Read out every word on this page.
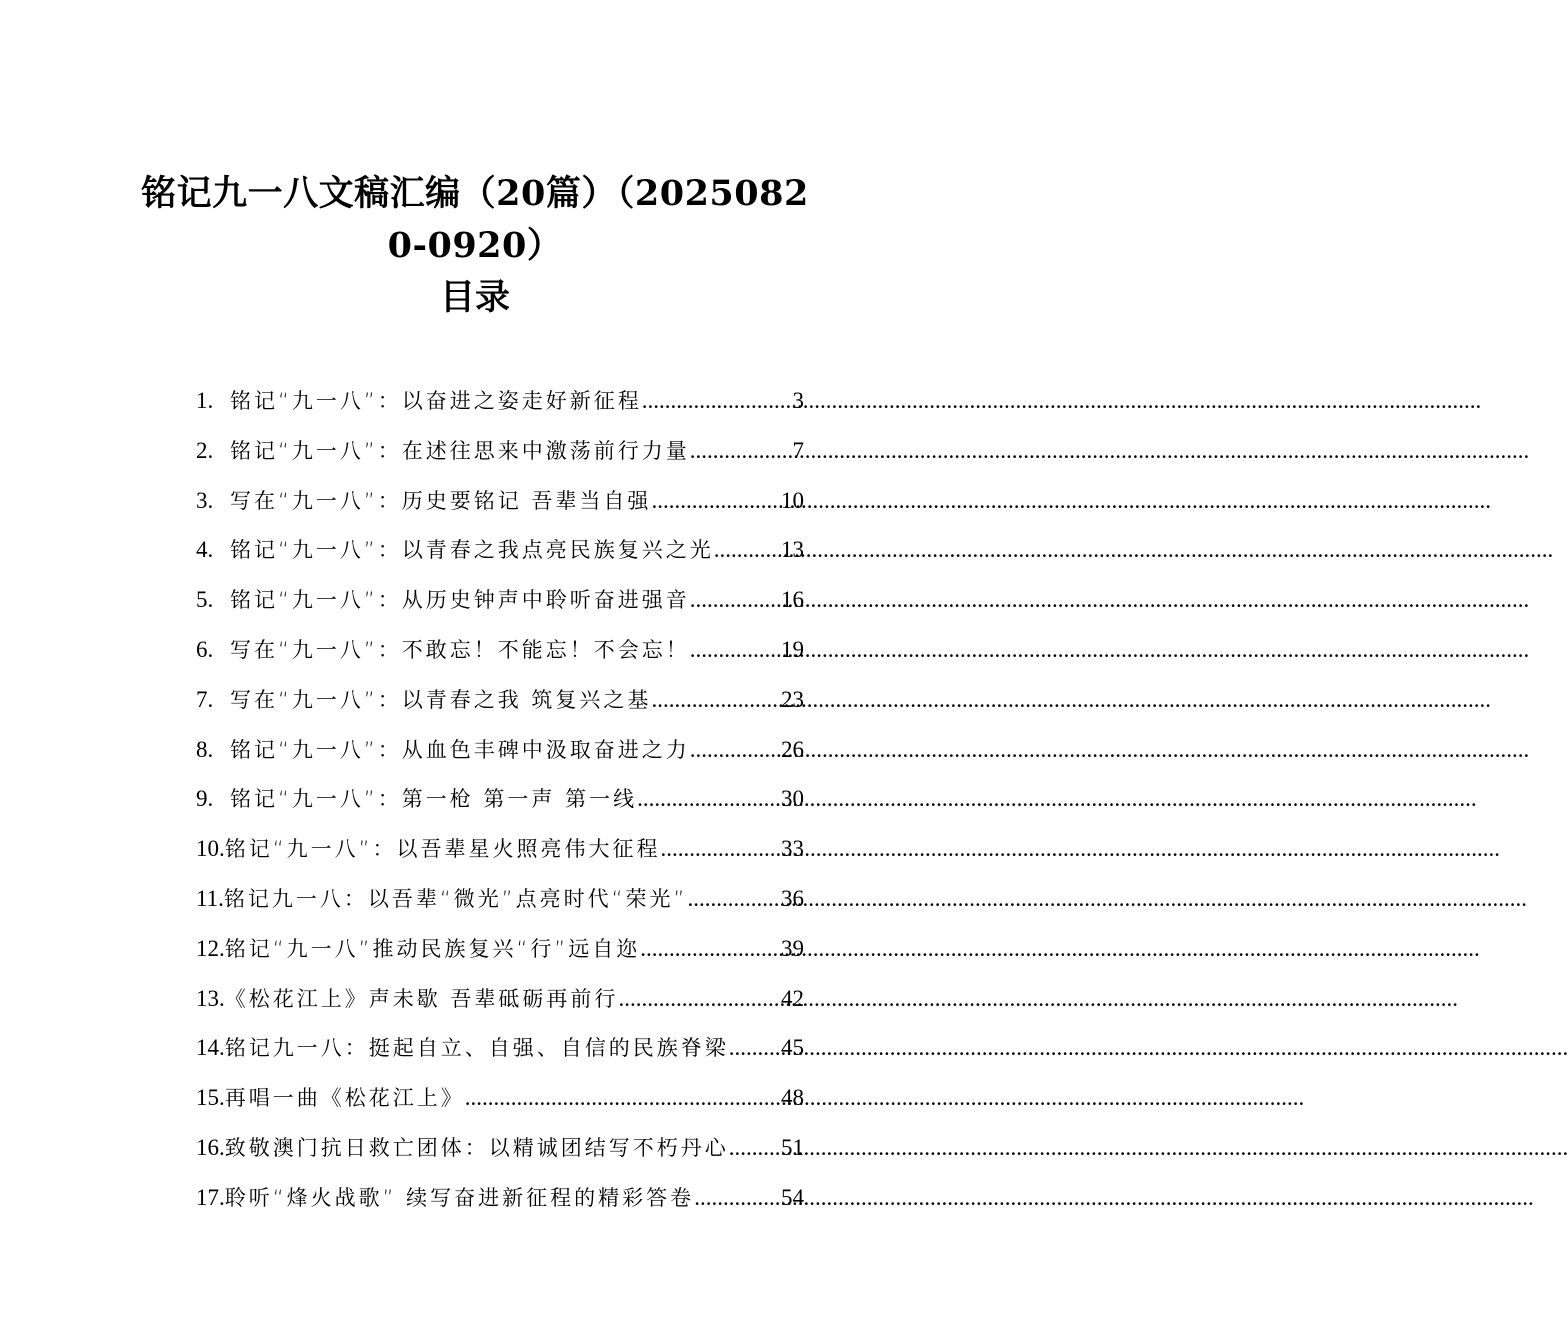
铭记九一八文稿汇编（20篇）（2025082
0-0920）
目录
1. 铭记“九一八”：以奋进之姿走好新征程 .....	3
2. 铭记“九一八”：在述往思来中激荡前行力量 .....	7
3. 写在“九一八”：历史要铭记 吾辈当自强 .....	10
4. 铭记“九一八”：以青春之我点亮民族复兴之光 .....	13
5. 铭记“九一八”：从历史钟声中聆听奋进强音 .....	16
6. 写在“九一八”：不敢忘！不能忘！不会忘！ .....	19
7. 写在“九一八”：以青春之我 筑复兴之基 .....	23
8. 铭记“九一八”：从血色丰碑中汲取奋进之力 .....	26
9. 铭记“九一八”：第一枪 第一声 第一线 .....	30
10. 铭记“九一八”：以吾辈星火照亮伟大征程 .....	33
11. 铭记九一八：以吾辈“微光”点亮时代“荣光” .....	36
12. 铭记“九一八”推动民族复兴“行”远自迩 .....	39
13. 《松花江上》声未歇 吾辈砥砺再前行 .....	42
14. 铭记九一八：挺起自立、自强、自信的民族脊梁 ..... 45
15. 再唱一曲《松花江上》 .....	48
16. 致敬澳门抗日救亡团体：以精诚团结写不朽丹心 ..... 51
17. 聆听“烽火战歌” 续写奋进新征程的精彩答卷 .....	54
